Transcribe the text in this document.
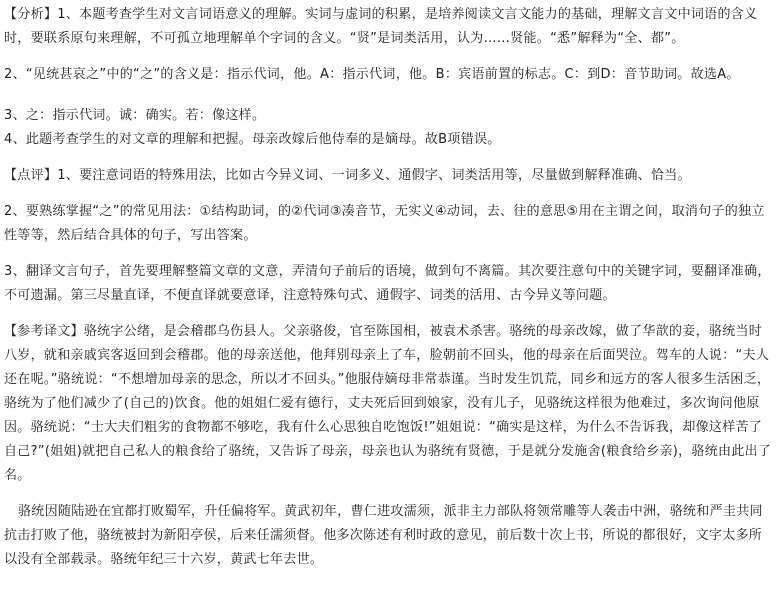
【分析】1、本题考查学生对文言词语意义的理解。实词与虚词的积累，是培养阅读文言文能力的基础，理解文言文中词语的含义时，要联系原句来理解，不可孤立地理解单个字词的含义。“贤”是词类活用，认为……贤能。“悉”解释为“全、都”。

2、“见统甚哀之”中的“之”的含义是：指示代词，他。A：指示代词，他。B：宾语前置的标志。C：到D：音节助词。故选A。

3、之：指示代词。诚：确实。若：像这样。

4、此题考查学生的对文章的理解和把握。母亲改嫁后他侍奉的是嫡母。故B项错误。

【点评】1、要注意词语的特殊用法，比如古今异义词、一词多义、通假字、词类活用等，尽量做到解释准确、恰当。

2、要熟练掌握“之”的常见用法：①结构助词，的②代词③凑音节，无实义④动词，去、往的意思⑤用在主谓之间，取消句子的独立性等等，然后结合具体的句子，写出答案。

3、翻译文言句子，首先要理解整篇文章的文意，弄清句子前后的语境，做到句不离篇。其次要注意句中的关键字词，要翻译准确，不可遗漏。第三尽量直译，不便直译就要意译，注意特殊句式、通假字、词类的活用、古今异义等问题。

【参考译文】骆统字公绪，是会稽郡乌伤县人。父亲骆俊，官至陈国相，被袁术杀害。骆统的母亲改嫁，做了华歆的妾，骆统当时八岁，就和亲戚宾客返回到会稽郡。他的母亲送他，他拜别母亲上了车，脸朝前不回头，他的母亲在后面哭泣。驾车的人说：“夫人还在呢。”骆统说：“不想增加母亲的思念，所以才不回头。”他服侍嫡母非常恭谨。当时发生饥荒，同乡和远方的客人很多生活困乏，骆统为了他们减少了(自己的)饮食。他的姐姐仁爱有德行，丈夫死后回到娘家，没有儿子，见骆统这样很为他难过，多次询问他原因。骆统说：“士大夫们粗劣的食物都不够吃，我有什么心思独自吃饱饭!”姐姐说：“确实是这样，为什么不告诉我，却像这样苦了自己?”(姐姐)就把自己私人的粮食给了骆统，又告诉了母亲，母亲也认为骆统有贤德，于是就分发施舍(粮食给乡亲)，骆统由此出了名。

骆统因随陆逊在宜都打败蜀军，升任偏将军。黄武初年，曹仁进攻濡须，派非主力部队将领常雕等人袭击中洲，骆统和严圭共同抗击打败了他，骆统被封为新阳亭侯，后来任濡须督。他多次陈述有利时政的意见，前后数十次上书，所说的都很好，文字太多所以没有全部载录。骆统年纪三十六岁，黄武七年去世。
